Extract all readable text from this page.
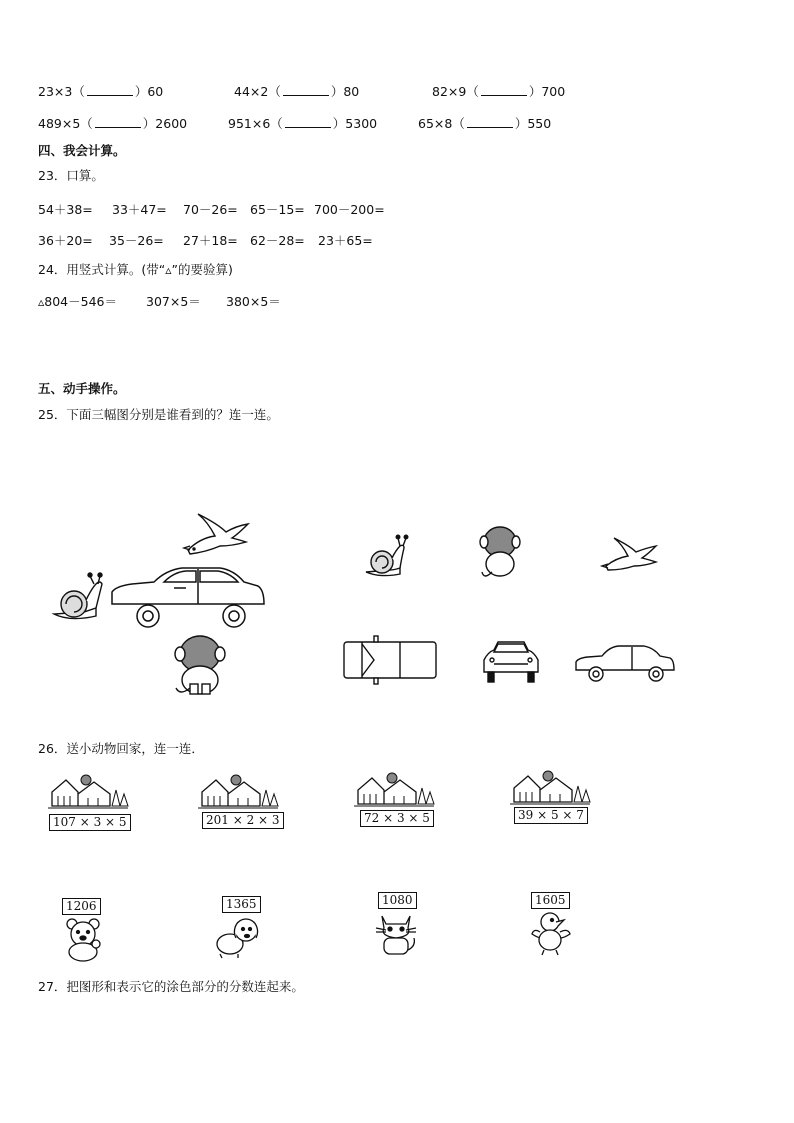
23×3（	）60	44×2（	）80	82×9（	）700
489×5（	）2600	951×6（	）5300	65×8（	）550
四、我会计算。
23．口算。
54＋38= 33＋47= 70－26= 65－15= 700－200=
36＋20= 35－26= 27＋18= 62－28= 23＋65=
24．用竖式计算。(带“▵”的要验算)
▵804－546＝ 307×5＝ 380×5＝
五、动手操作。
25．下面三幅图分别是谁看到的？连一连。
26．送小动物回家，连一连．
107 × 3 × 5	201 × 2 × 3	72 × 3 × 5	39 × 5 × 7
1206	1365	1080	1605
27．把图形和表示它的涂色部分的分数连起来。
